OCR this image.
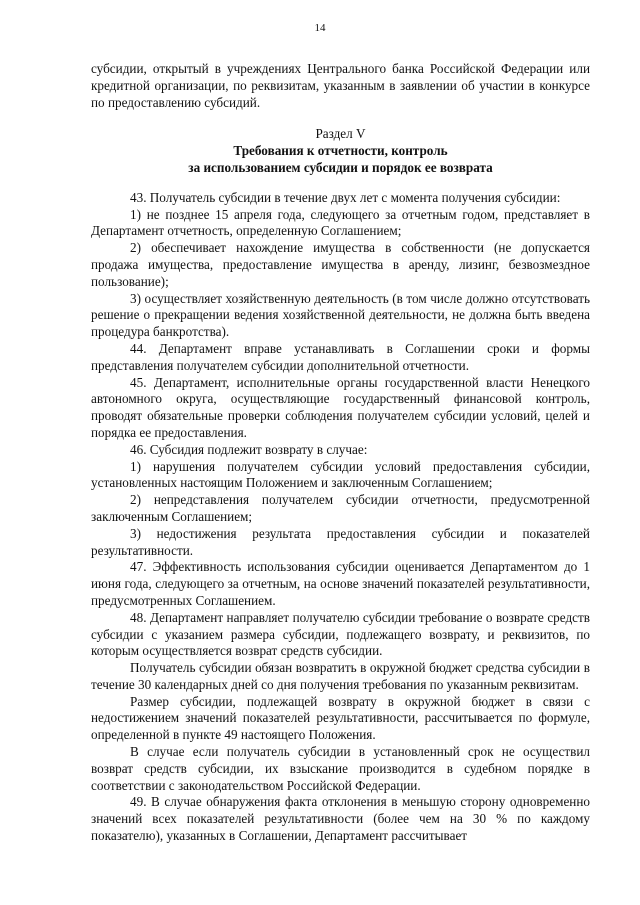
14

субсидии, открытый в учреждениях Центрального банка Российской Федерации или кредитной организации, по реквизитам, указанным в заявлении об участии в конкурсе по предоставлению субсидий.

Раздел V
Требования к отчетности, контроль
за использованием субсидии и порядок ее возврата

43. Получатель субсидии в течение двух лет с момента получения субсидии:

1) не позднее 15 апреля года, следующего за отчетным годом, представляет в Департамент отчетность, определенную Соглашением;

2) обеспечивает нахождение имущества в собственности (не допускается продажа имущества, предоставление имущества в аренду, лизинг, безвозмездное пользование);

3) осуществляет хозяйственную деятельность (в том числе должно отсутствовать решение о прекращении ведения хозяйственной деятельности, не должна быть введена процедура банкротства).

44. Департамент вправе устанавливать в Соглашении сроки и формы представления получателем субсидии дополнительной отчетности.

45. Департамент, исполнительные органы государственной власти Ненецкого автономного округа, осуществляющие государственный финансовой контроль, проводят обязательные проверки соблюдения получателем субсидии условий, целей и порядка ее предоставления.

46. Субсидия подлежит возврату в случае:

1) нарушения получателем субсидии условий предоставления субсидии, установленных настоящим Положением и заключенным Соглашением;

2) непредставления получателем субсидии отчетности, предусмотренной заключенным Соглашением;

3) недостижения результата предоставления субсидии и показателей результативности.

47. Эффективность использования субсидии оценивается Департаментом до 1 июня года, следующего за отчетным, на основе значений показателей результативности, предусмотренных Соглашением.

48. Департамент направляет получателю субсидии требование о возврате средств субсидии с указанием размера субсидии, подлежащего возврату, и реквизитов, по которым осуществляется возврат средств субсидии.

Получатель субсидии обязан возвратить в окружной бюджет средства субсидии в течение 30 календарных дней со дня получения требования по указанным реквизитам.

Размер субсидии, подлежащей возврату в окружной бюджет в связи с недостижением значений показателей результативности, рассчитывается по формуле, определенной в пункте 49 настоящего Положения.

В случае если получатель субсидии в установленный срок не осуществил возврат средств субсидии, их взыскание производится в судебном порядке в соответствии с законодательством Российской Федерации.

49. В случае обнаружения факта отклонения в меньшую сторону одновременно значений всех показателей результативности (более чем на 30 % по каждому показателю), указанных в Соглашении, Департамент рассчитывает
